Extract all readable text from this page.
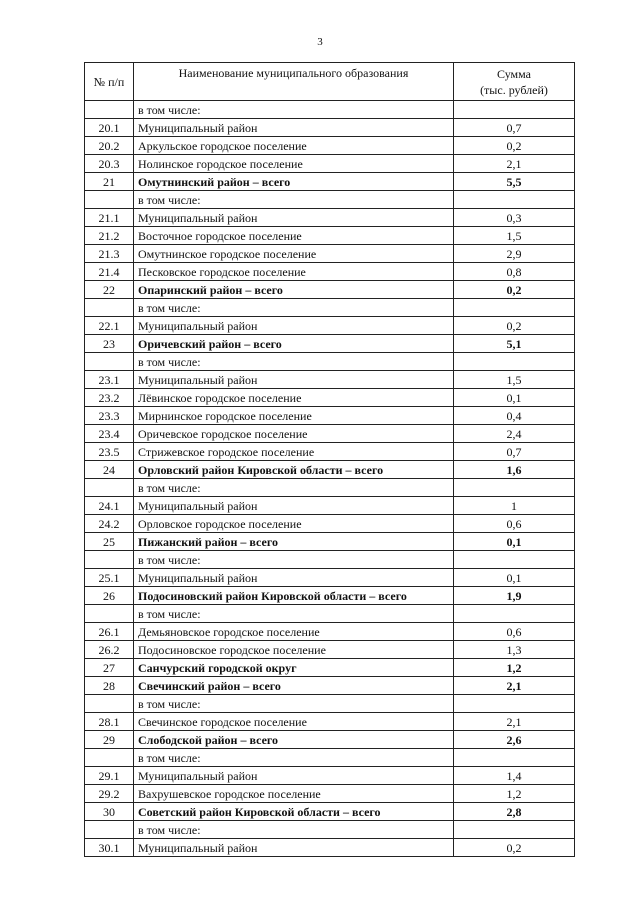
3
№ п/п	Наименование муниципального образования	Сумма
(тыс. рублей)

	в том числе:	
20.1	Муниципальный район	0,7
20.2	Аркульское городское поселение	0,2
20.3	Нолинское городское поселение	2,1
21	Омутнинский район – всего	5,5
	в том числе:	
21.1	Муниципальный район	0,3
21.2	Восточное городское поселение	1,5
21.3	Омутнинское городское поселение	2,9
21.4	Песковское городское поселение	0,8
22	Опаринский район – всего	0,2
	в том числе:	
22.1	Муниципальный район	0,2
23	Оричевский район – всего	5,1
	в том числе:	
23.1	Муниципальный район	1,5
23.2	Лёвинское городское поселение	0,1
23.3	Мирнинское городское поселение	0,4
23.4	Оричевское городское поселение	2,4
23.5	Стрижевское городское поселение	0,7
24	Орловский район Кировской области – всего	1,6
	в том числе:	
24.1	Муниципальный район	1
24.2	Орловское городское поселение	0,6
25	Пижанский район – всего	0,1
	в том числе:	
25.1	Муниципальный район	0,1
26	Подосиновский район Кировской области – всего	1,9
	в том числе:	
26.1	Демьяновское городское поселение	0,6
26.2	Подосиновское городское поселение	1,3
27	Санчурский городской округ	1,2
28	Свечинский район – всего	2,1
	в том числе:	
28.1	Свечинское городское поселение	2,1
29	Слободской район – всего	2,6
	в том числе:	
29.1	Муниципальный район	1,4
29.2	Вахрушевское городское поселение	1,2
30	Советский район Кировской области – всего	2,8
	в том числе:	
30.1	Муниципальный район	0,2
